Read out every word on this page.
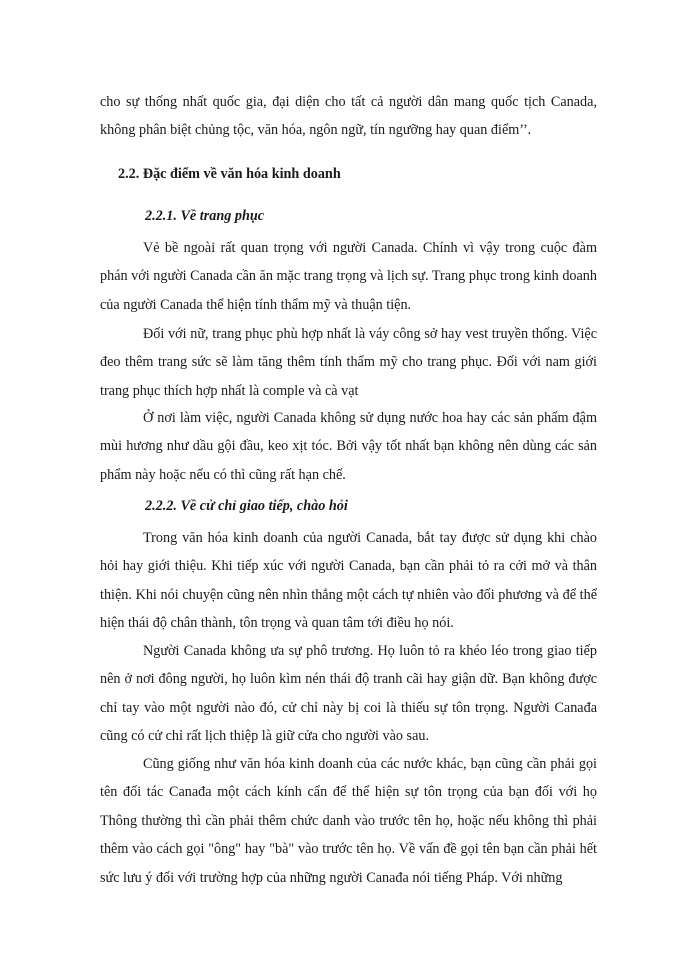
cho sự thống nhất quốc gia, đại diện cho tất cả người dân mang quốc tịch Canada, không phân biệt chủng tộc, văn hóa, ngôn ngữ, tín ngưỡng hay quan điểm’’.

2.2. Đặc điểm về văn hóa kinh doanh
2.2.1. Về trang phục

Vẻ bề ngoài rất quan trọng với người Canada. Chính vì vậy trong cuộc đàm phán với người Canada cần ăn mặc trang trọng và lịch sự. Trang phục trong kinh doanh của người Canada thể hiện tính thẩm mỹ và thuận tiện.

Đối với nữ, trang phục phù hợp nhất là váy công sở hay vest truyền thống. Việc đeo thêm trang sức sẽ làm tăng thêm tính thẩm mỹ cho trang phục. Đối với nam giới trang phục thích hợp nhất là comple và cà vạt

Ở nơi làm việc, người Canada không sử dụng nước hoa hay các sản phẩm đậm mùi hương như dầu gội đầu, keo xịt tóc. Bởi vậy tốt nhất bạn không nên dùng các sản phẩm này hoặc nếu có thì cũng rất hạn chế.

2.2.2. Về cử chỉ giao tiếp, chào hỏi

Trong văn hóa kinh doanh của người Canada, bắt tay được sử dụng khi chào hỏi hay giới thiệu. Khi tiếp xúc với người Canada, bạn cần phải tỏ ra cởi mở và thân thiện. Khi nói chuyện cũng nên nhìn thẳng một cách tự nhiên vào đối phương và để thể hiện thái độ chân thành, tôn trọng và quan tâm tới điều họ nói.

Người Canada không ưa sự phô trương. Họ luôn tỏ ra khéo léo trong giao tiếp nên ở nơi đông người, họ luôn kìm nén thái độ tranh cãi hay giận dữ. Bạn không được chỉ tay vào một người nào đó, cử chỉ này bị coi là thiếu sự tôn trọng. Người Canađa cũng có cử chỉ rất lịch thiệp là giữ cửa cho người vào sau.

Cũng giống như văn hóa kinh doanh của các nước khác, bạn cũng cần phải gọi tên đối tác Canađa một cách kính cẩn để thể hiện sự tôn trọng của bạn đối với họ Thông thường thì cần phải thêm chức danh vào trước tên họ, hoặc nếu không thì phải thêm vào cách gọi "ông" hay "bà" vào trước tên họ. Về vấn đề gọi tên bạn cần phải hết sức lưu ý đối với trường hợp của những người Canađa nói tiếng Pháp. Với những
